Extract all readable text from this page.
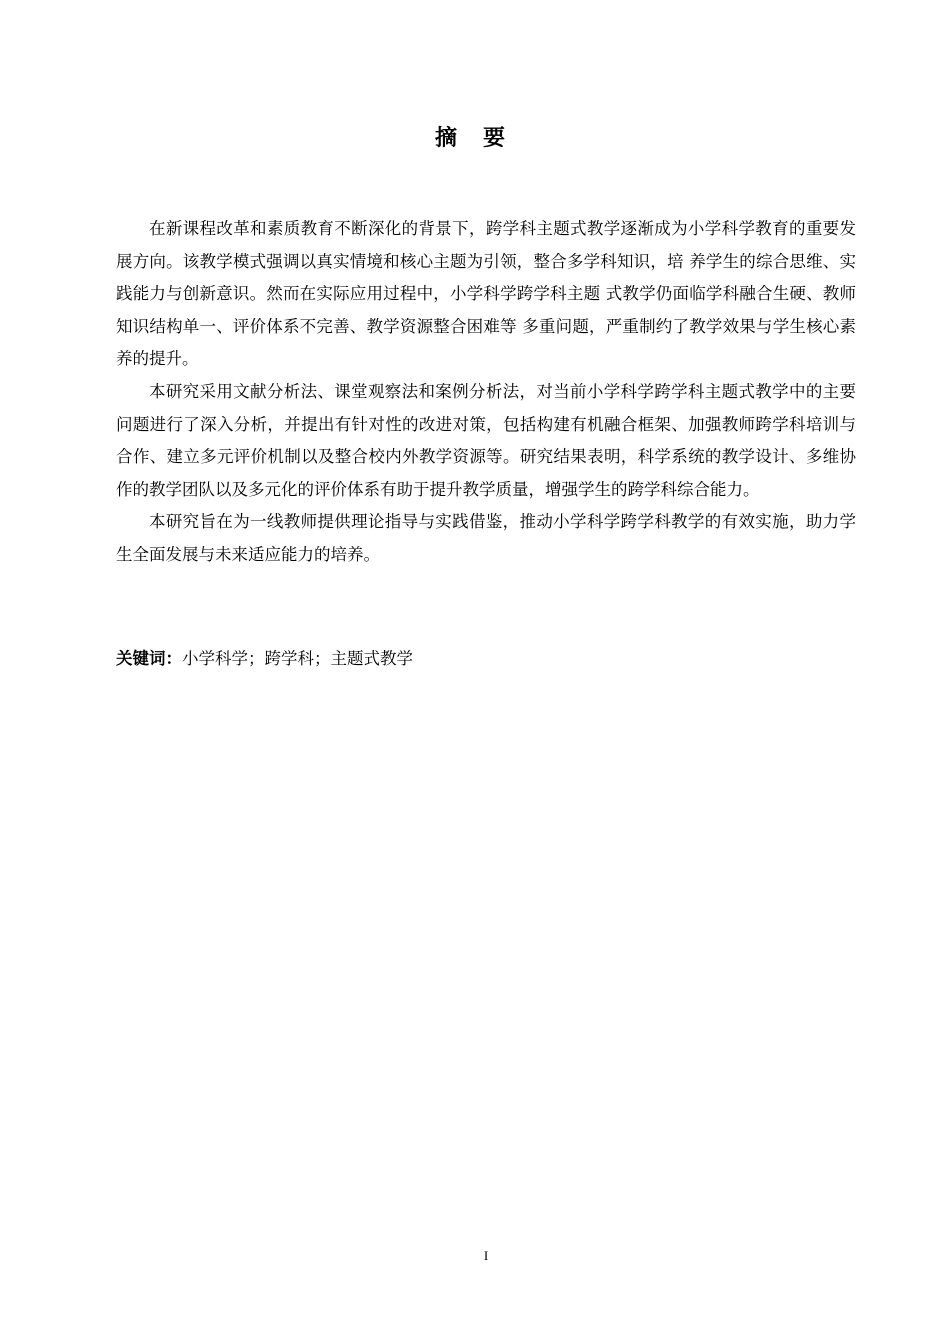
摘要

在新课程改革和素质教育不断深化的背景下，跨学科主题式教学逐渐成为小学科学教育的重要发展方向。该教学模式强调以真实情境和核心主题为引领，整合多学科知识，培 养学生的综合思维、实践能力与创新意识。然而在实际应用过程中，小学科学跨学科主题 式教学仍面临学科融合生硬、教师知识结构单一、评价体系不完善、教学资源整合困难等 多重问题，严重制约了教学效果与学生核心素养的提升。

本研究采用文献分析法、课堂观察法和案例分析法，对当前小学科学跨学科主题式教学中的主要问题进行了深入分析，并提出有针对性的改进对策，包括构建有机融合框架、加强教师跨学科培训与合作、建立多元评价机制以及整合校内外教学资源等。研究结果表明，科学系统的教学设计、多维协作的教学团队以及多元化的评价体系有助于提升教学质量，增强学生的跨学科综合能力。

本研究旨在为一线教师提供理论指导与实践借鉴，推动小学科学跨学科教学的有效实施，助力学生全面发展与未来适应能力的培养。

关键词：小学科学；跨学科；主题式教学
I
